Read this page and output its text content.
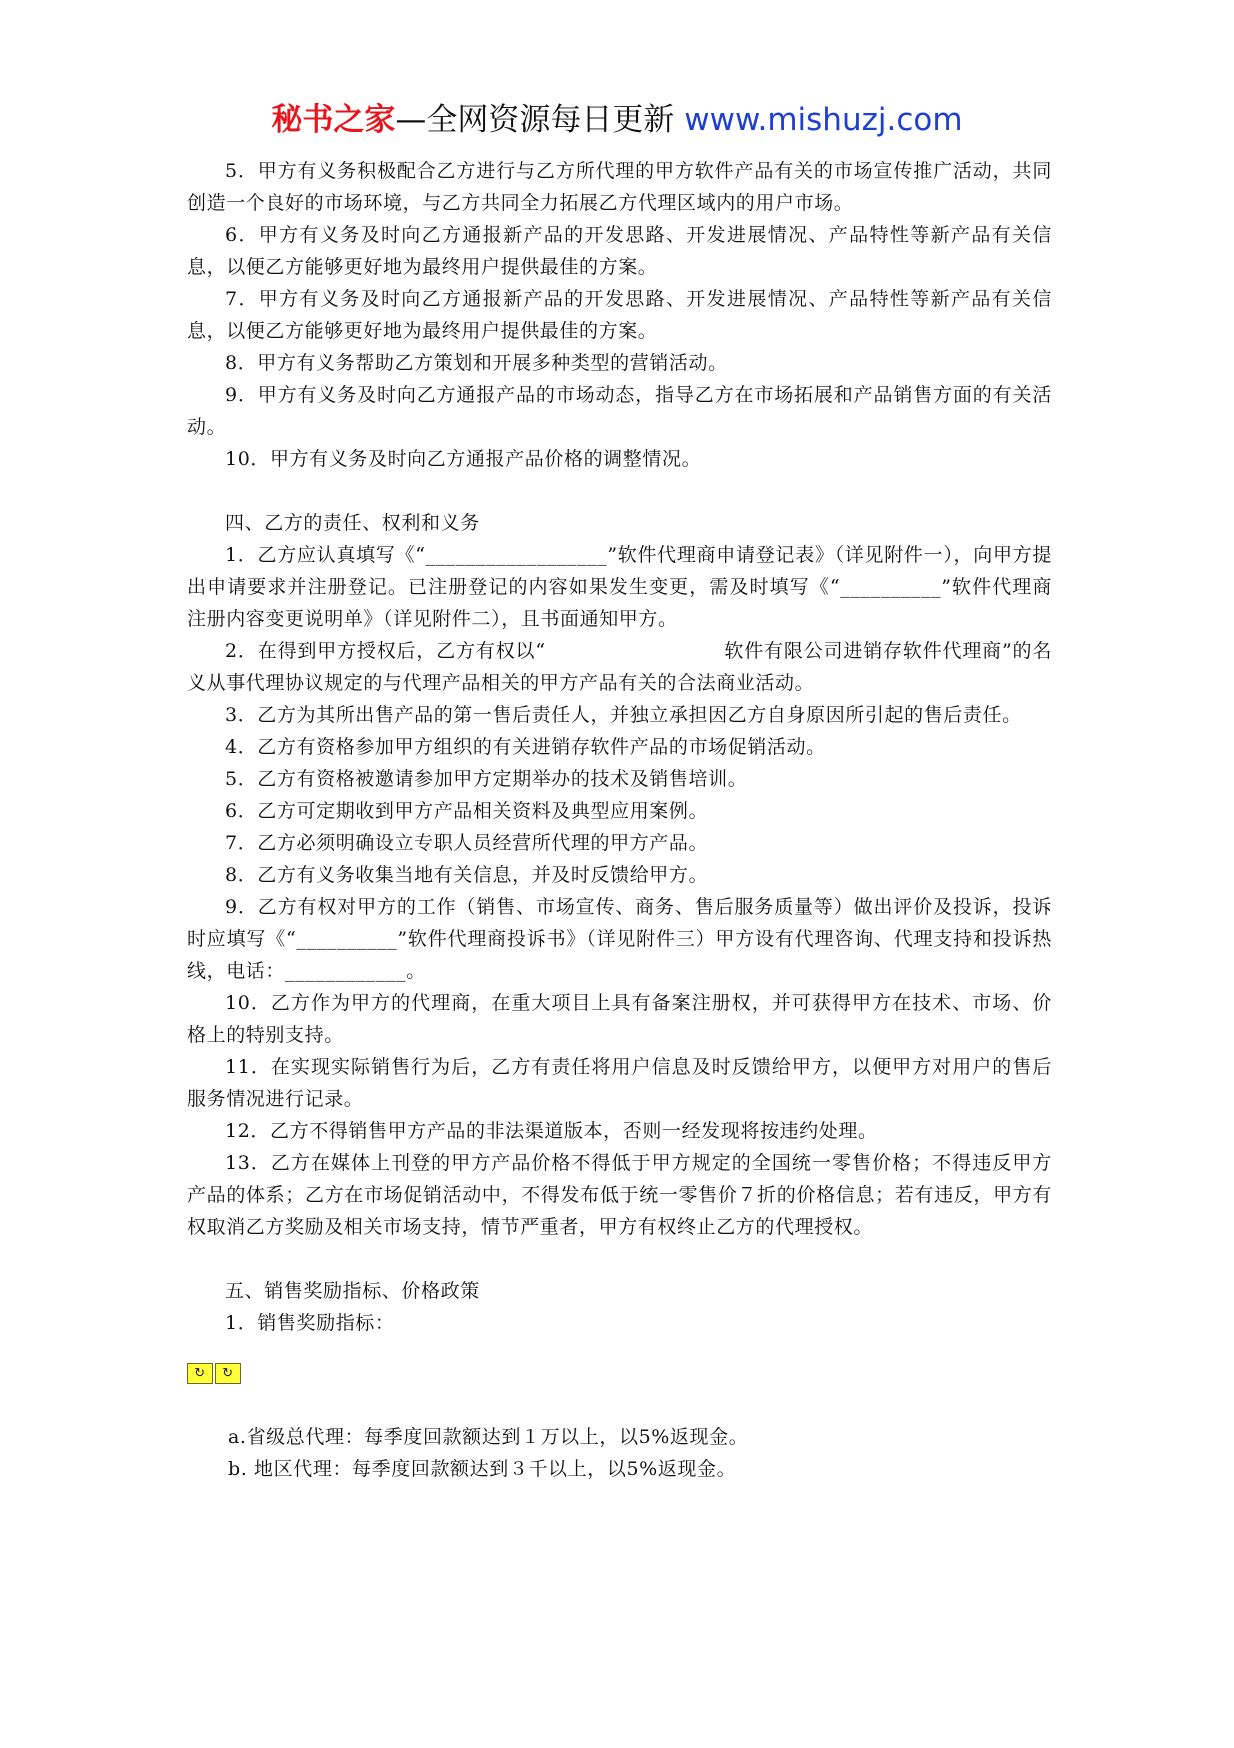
秘书之家—全网资源每日更新 www.mishuzj.com

5．甲方有义务积极配合乙方进行与乙方所代理的甲方软件产品有关的市场宣传推广活动，共同创造一个良好的市场环境，与乙方共同全力拓展乙方代理区域内的用户市场。

6．甲方有义务及时向乙方通报新产品的开发思路、开发进展情况、产品特性等新产品有关信息，以便乙方能够更好地为最终用户提供最佳的方案。

7．甲方有义务及时向乙方通报新产品的开发思路、开发进展情况、产品特性等新产品有关信息，以便乙方能够更好地为最终用户提供最佳的方案。

8．甲方有义务帮助乙方策划和开展多种类型的营销活动。

9．甲方有义务及时向乙方通报产品的市场动态，指导乙方在市场拓展和产品销售方面的有关活动。

10．甲方有义务及时向乙方通报产品价格的调整情况。

四、乙方的责任、权利和义务

1．乙方应认真填写《“__________________”软件代理商申请登记表》（详见附件一），向甲方提出申请要求并注册登记。已注册登记的内容如果发生变更，需及时填写《“__________”软件代理商注册内容变更说明单》（详见附件二），且书面通知甲方。

2．在得到甲方授权后，乙方有权以“　　　　　　　　　软件有限公司进销存软件代理商”的名义从事代理协议规定的与代理产品相关的甲方产品有关的合法商业活动。

3．乙方为其所出售产品的第一售后责任人，并独立承担因乙方自身原因所引起的售后责任。

4．乙方有资格参加甲方组织的有关进销存软件产品的市场促销活动。

5．乙方有资格被邀请参加甲方定期举办的技术及销售培训。

6．乙方可定期收到甲方产品相关资料及典型应用案例。

7．乙方必须明确设立专职人员经营所代理的甲方产品。

8．乙方有义务收集当地有关信息，并及时反馈给甲方。

9．乙方有权对甲方的工作（销售、市场宣传、商务、售后服务质量等）做出评价及投诉，投诉时应填写《“__________”软件代理商投诉书》（详见附件三）甲方设有代理咨询、代理支持和投诉热线，电话：____________。

10．乙方作为甲方的代理商，在重大项目上具有备案注册权，并可获得甲方在技术、市场、价格上的特别支持。

11．在实现实际销售行为后，乙方有责任将用户信息及时反馈给甲方，以便甲方对用户的售后服务情况进行记录。

12．乙方不得销售甲方产品的非法渠道版本，否则一经发现将按违约处理。

13．乙方在媒体上刊登的甲方产品价格不得低于甲方规定的全国统一零售价格；不得违反甲方产品的体系；乙方在市场促销活动中，不得发布低于统一零售价７折的价格信息；若有违反，甲方有权取消乙方奖励及相关市场支持，情节严重者，甲方有权终止乙方的代理授权。

五、销售奖励指标、价格政策

1．销售奖励指标：

↻	↻

a.省级总代理：每季度回款额达到１万以上，以5%返现金。

b. 地区代理：每季度回款额达到３千以上，以5%返现金。
